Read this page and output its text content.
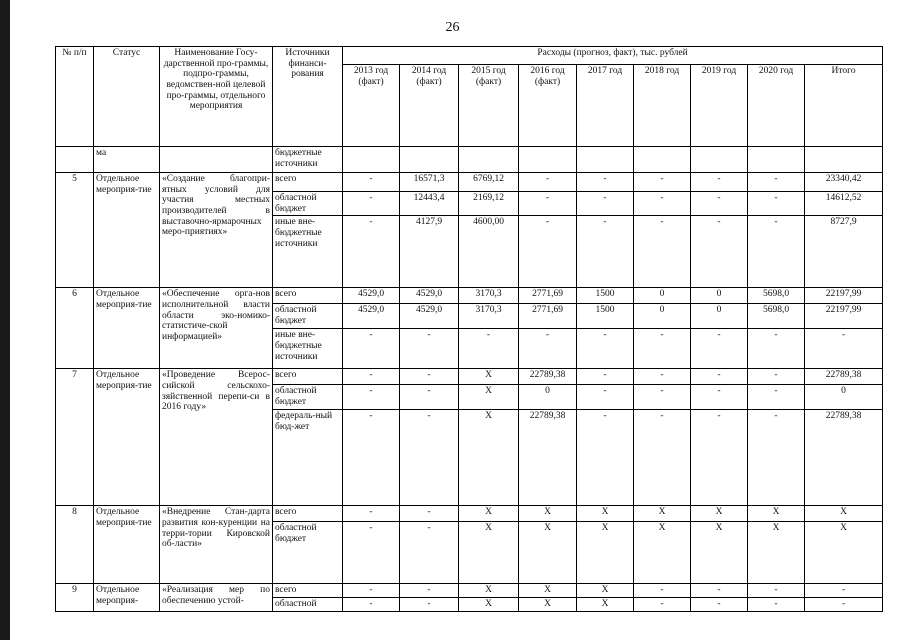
26
№ п/п	Статус	Наименование Госу-дарственной про-граммы, подпро-граммы, ведомствен-ной целевой про-граммы, отдельного мероприятия	Источники финанси-рования	Расходы (прогноз, факт), тыс. рублей								
				2013 год (факт)	2014 год (факт)	2015 год (факт)	2016 год (факт)	2017 год	2018 год	2019 год	2020 год	Итого
	ма		бюджетные источники									
5	Отдельное мероприя-тие	«Создание благопри-ятных условий для участия местных производителей в выставочно-ярмарочных меро-приятиях»	всего	-	16571,3	6769,12	-	-	-	-	-	23340,42
			областной бюджет	-	12443,4	2169,12	-	-	-	-	-	14612,52
			иные вне-бюджетные источники	-	4127,9	4600,00	-	-	-	-	-	8727,9
6	Отдельное мероприя-тие	«Обеспечение орга-нов исполнительной власти области эко-номико-статистиче-ской информацией»	всего	4529,0	4529,0	3170,3	2771,69	1500	0	0	5698,0	22197,99
			областной бюджет	4529,0	4529,0	3170,3	2771,69	1500	0	0	5698,0	22197,99
			иные вне-бюджетные источники	-	-	-	-	-	-	-	-	-
7	Отдельное мероприя-тие	«Проведение Всерос-сийской сельскохо-зяйственной перепи-си в 2016 году»	всего	-	-	X	22789,38	-	-	-	-	22789,38
			областной бюджет	-	-	X	0	-	-	-	-	0
			федераль-ный бюд-жет	-	-	X	22789,38	-	-	-	-	22789,38
8	Отдельное мероприя-тие	«Внедрение Стан-дарта развития кон-куренции на терри-тории Кировской об-ласти»	всего	-	-	X	X	X	X	X	X	X
			областной бюджет	-	-	X	X	X	X	X	X	X
9	Отдельное мероприя-	«Реализация мер по обеспечению устой-	всего	-	-	X	X	X	-	-	-	-
			областной	-	-	X	X	X	-	-	-	-
